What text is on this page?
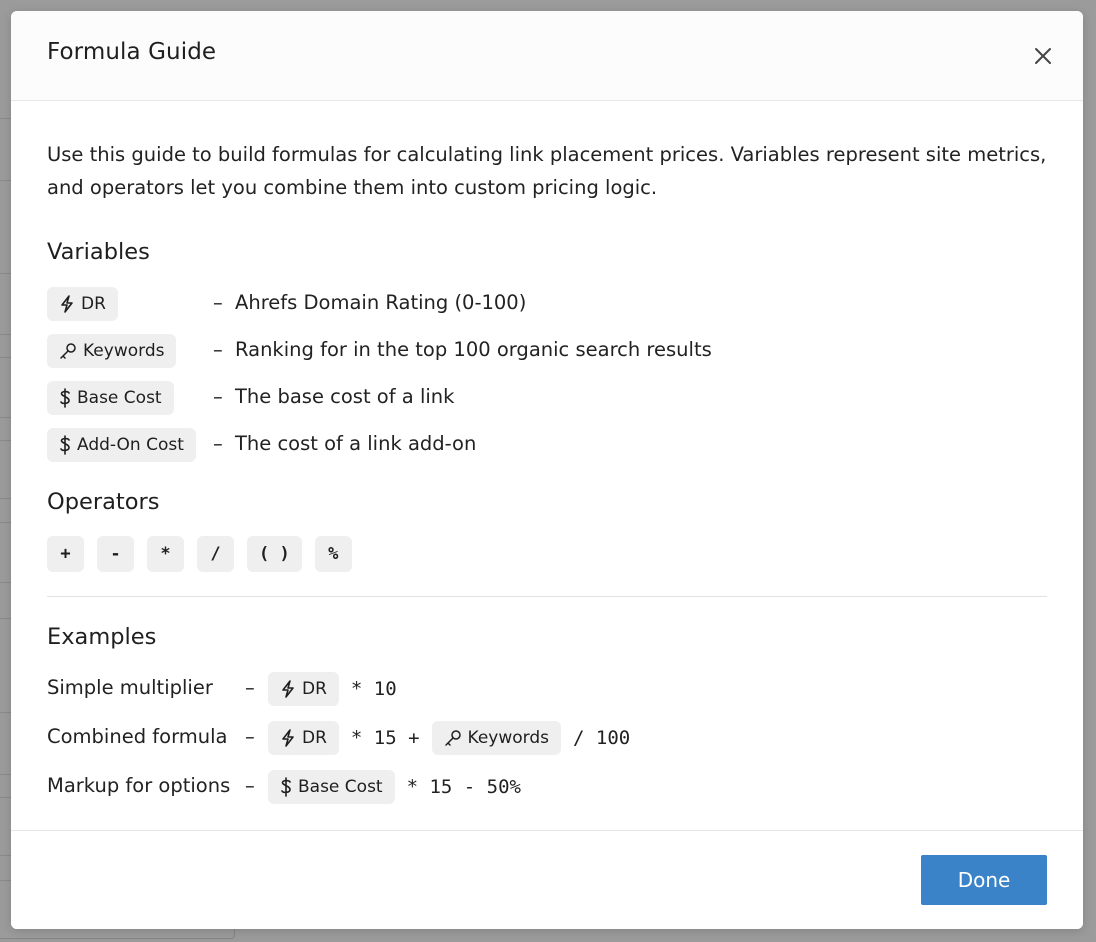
Formula Guide
Use this guide to build formulas for calculating link placement prices. Variables represent site metrics, and operators let you combine them into custom pricing logic.
Variables
DR	– Ahrefs Domain Rating (0-100)
Keywords – Ranking for in the top 100 organic search results
Base Cost	– The base cost of a link
Add-On Cost – The cost of a link add-on
Operators
+	-	*	/	( )	%
Examples
Simple multiplier –	DR	* 10
Combined formula –	DR	* 15 +	Keywords	/ 100
Markup for options –	Base Cost	* 15 - 50%
Done
